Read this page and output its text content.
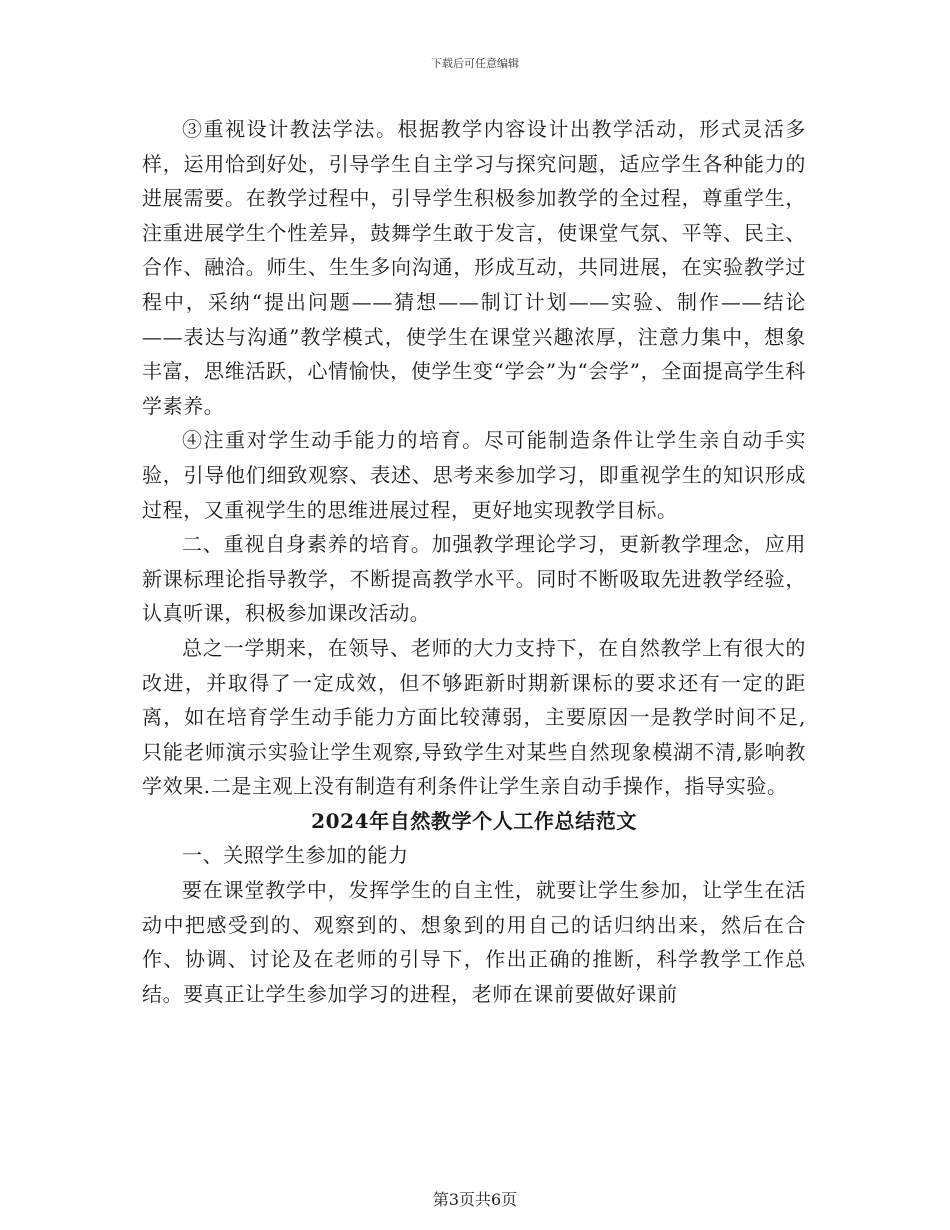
下载后可任意编辑

③重视设计教法学法。根据教学内容设计出教学活动，形式灵活多样，运用恰到好处，引导学生自主学习与探究问题，适应学生各种能力的进展需要。在教学过程中，引导学生积极参加教学的全过程，尊重学生，注重进展学生个性差异，鼓舞学生敢于发言，使课堂气氛、平等、民主、合作、融洽。师生、生生多向沟通，形成互动，共同进展，在实验教学过程中，采纳“提出问题——猜想——制订计划——实验、制作——结论——表达与沟通”教学模式，使学生在课堂兴趣浓厚，注意力集中，想象丰富，思维活跃，心情愉快，使学生变“学会”为“会学”，全面提高学生科学素养。

④注重对学生动手能力的培育。尽可能制造条件让学生亲自动手实验，引导他们细致观察、表述、思考来参加学习，即重视学生的知识形成过程，又重视学生的思维进展过程，更好地实现教学目标。

二、重视自身素养的培育。加强教学理论学习，更新教学理念，应用新课标理论指导教学，不断提高教学水平。同时不断吸取先进教学经验，认真听课，积极参加课改活动。

总之一学期来，在领导、老师的大力支持下，在自然教学上有很大的改进，并取得了一定成效，但不够距新时期新课标的要求还有一定的距离，如在培育学生动手能力方面比较薄弱，主要原因一是教学时间不足,只能老师演示实验让学生观察,导致学生对某些自然现象模湖不清,影响教学效果.二是主观上没有制造有利条件让学生亲自动手操作，指导实验。

2024年自然教学个人工作总结范文

一、关照学生参加的能力

要在课堂教学中，发挥学生的自主性，就要让学生参加，让学生在活动中把感受到的、观察到的、想象到的用自己的话归纳出来，然后在合作、协调、讨论及在老师的引导下，作出正确的推断，科学教学工作总结。要真正让学生参加学习的进程，老师在课前要做好课前

第3页共6页
